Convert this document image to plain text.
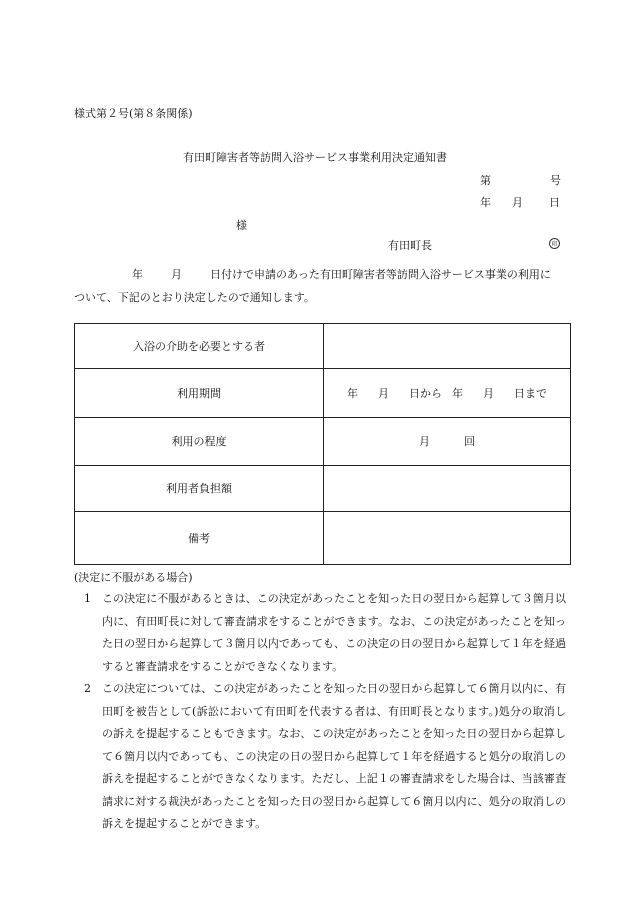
様式第２号(第８条関係)
有田町障害者等訪問入浴サービス事業利用決定通知書
第	号
年 月 日
様
有田町長	印
年	月	日付けで申請のあった有田町障害者等訪問入浴サービス事業の利用に
ついて、下記のとおり決定したので通知します。
入浴の介助を必要とする者	
利用期間	年 月 日から 年 月 日まで
利用の程度	月 回
利用者負担額	
備考	
(決定に不服がある場合)
1	この決定に不服があるときは、この決定があったことを知った日の翌日から起算して３箇月以内に、有田町長に対して審査請求をすることができます。なお、この決定があったことを知った日の翌日から起算して３箇月以内であっても、この決定の日の翌日から起算して１年を経過すると審査請求をすることができなくなります。
2	この決定については、この決定があったことを知った日の翌日から起算して６箇月以内に、有田町を被告として(訴訟において有田町を代表する者は、有田町長となります。)処分の取消しの訴えを提起することもできます。なお、この決定があったことを知った日の翌日から起算して６箇月以内であっても、この決定の日の翌日から起算して１年を経過すると処分の取消しの訴えを提起することができなくなります。ただし、上記１の審査請求をした場合は、当該審査請求に対する裁決があったことを知った日の翌日から起算して６箇月以内に、処分の取消しの訴えを提起することができます。
